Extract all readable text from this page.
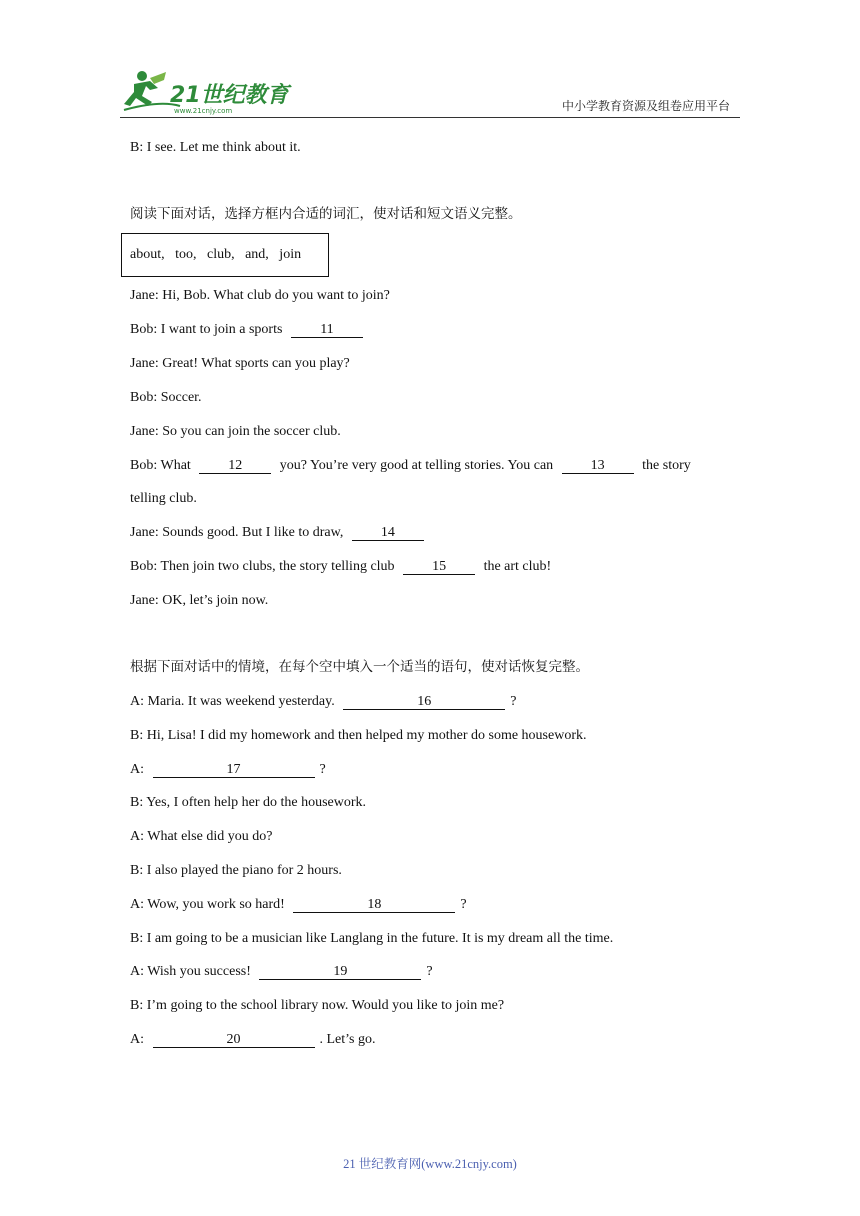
21世纪教育
www.21cnjy.com	中小学教育资源及组卷应用平台
B: I see. Let me think about it.
阅读下面对话，选择方框内合适的词汇，使对话和短文语义完整。
about,   too,   club,   and,   join
Jane: Hi, Bob. What club do you want to join?
Bob: I want to join a sports 11
Jane: Great! What sports can you play?
Bob: Soccer.
Jane: So you can join the soccer club.
Bob: What 12 you? You’re very good at telling stories. You can 13 the story
telling club.
Jane: Sounds good. But I like to draw, 14
Bob: Then join two clubs, the story telling club 15 the art club!
Jane: OK, let’s join now.
根据下面对话中的情境，在每个空中填入一个适当的语句，使对话恢复完整。
A: Maria. It was weekend yesterday.	16	?
B: Hi, Lisa! I did my homework and then helped my mother do some housework.
A:	17	?
B: Yes, I often help her do the housework.
A: What else did you do?
B: I also played the piano for 2 hours.
A: Wow, you work so hard!	18	?
B: I am going to be a musician like Langlang in the future. It is my dream all the time.
A: Wish you success!	19	?
B: I’m going to the school library now. Would you like to join me?
A:	20	. Let’s go.
21 世纪教育网(www.21cnjy.com)
